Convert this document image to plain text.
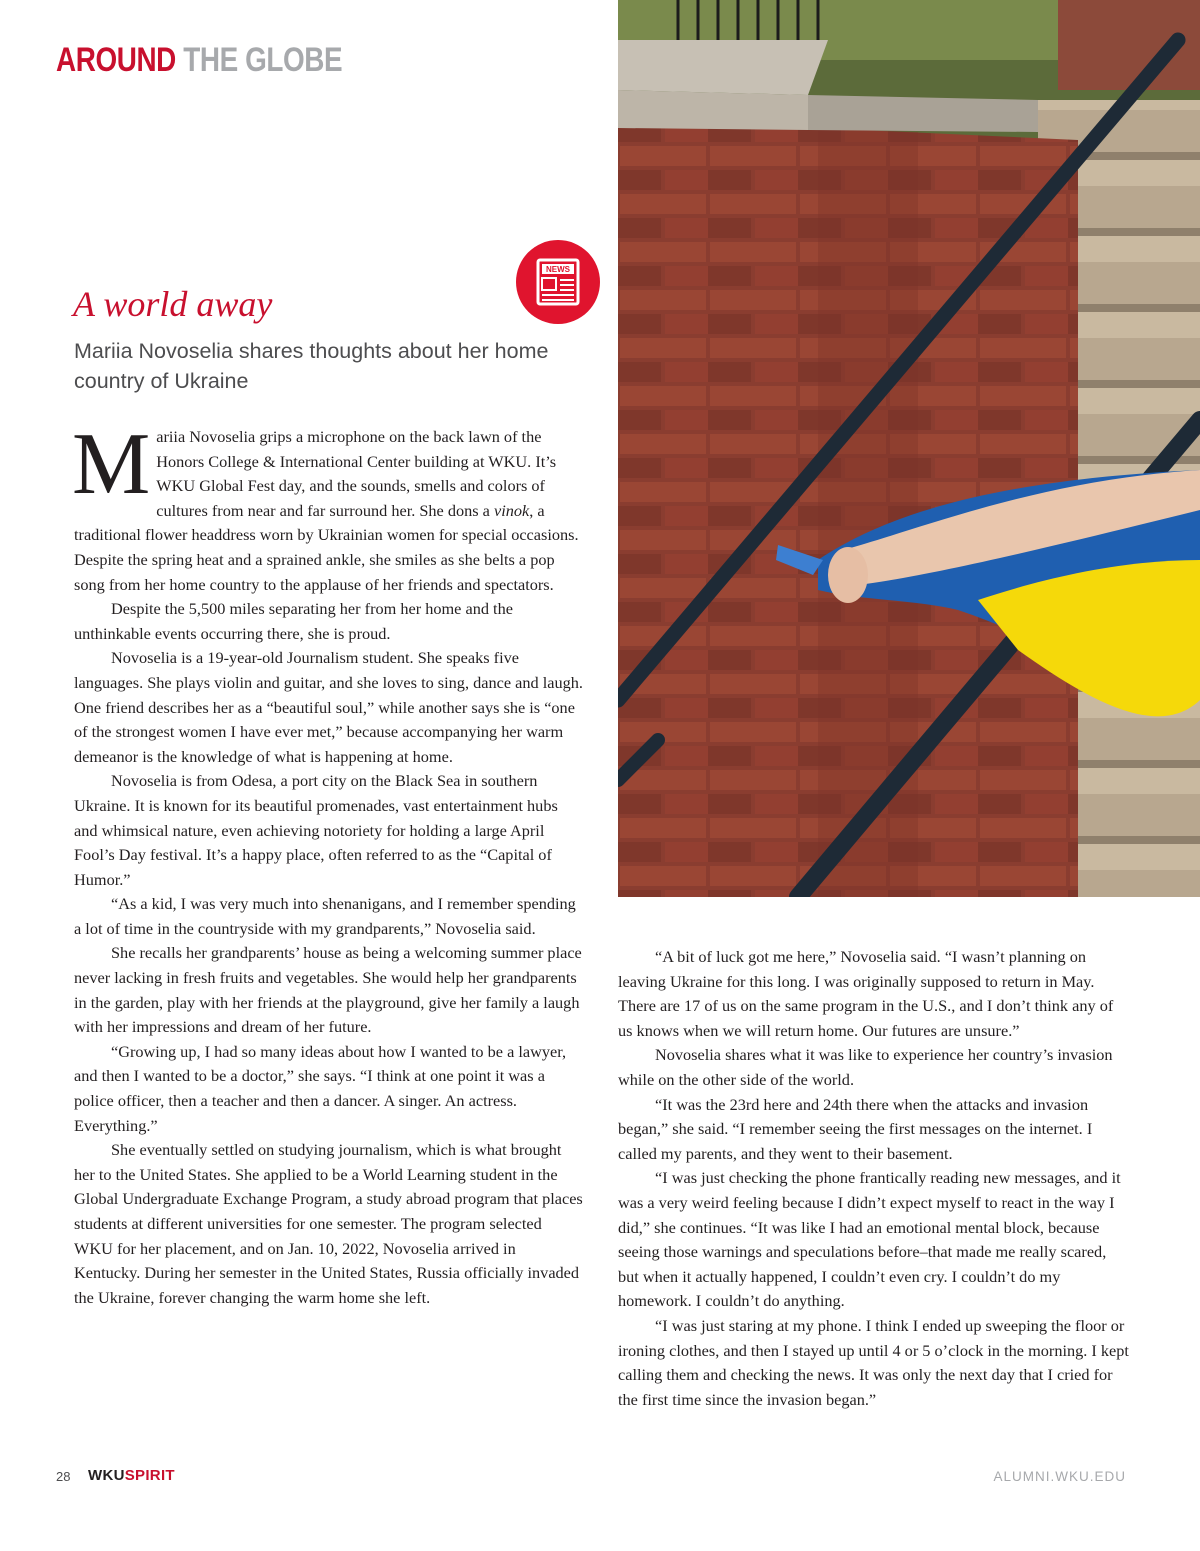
AROUND THE GLOBE
NEWS
A world away
Mariia Novoselia shares thoughts about her home country of Ukraine

Mariia Novoselia grips a microphone on the back lawn of the Honors College & International Center building at WKU. It’s WKU Global Fest day, and the sounds, smells and colors of cultures from near and far surround her. She dons a vinok, a traditional flower headdress worn by Ukrainian women for special occasions. Despite the spring heat and a sprained ankle, she smiles as she belts a pop song from her home country to the applause of her friends and spectators.

Despite the 5,500 miles separating her from her home and the unthinkable events occurring there, she is proud.

Novoselia is a 19-year-old Journalism student. She speaks five languages. She plays violin and guitar, and she loves to sing, dance and laugh. One friend describes her as a “beautiful soul,” while another says she is “one of the strongest women I have ever met,” because accompanying her warm demeanor is the knowledge of what is happening at home.

Novoselia is from Odesa, a port city on the Black Sea in southern Ukraine. It is known for its beautiful promenades, vast entertainment hubs and whimsical nature, even achieving notoriety for holding a large April Fool’s Day festival. It’s a happy place, often referred to as the “Capital of Humor.”

“As a kid, I was very much into shenanigans, and I remember spending a lot of time in the countryside with my grandparents,” Novoselia said.

She recalls her grandparents’ house as being a welcoming summer place never lacking in fresh fruits and vegetables. She would help her grandparents in the garden, play with her friends at the playground, give her family a laugh with her impressions and dream of her future.

“Growing up, I had so many ideas about how I wanted to be a lawyer, and then I wanted to be a doctor,” she says. “I think at one point it was a police officer, then a teacher and then a dancer. A singer. An actress. Everything.”

She eventually settled on studying journalism, which is what brought her to the United States. She applied to be a World Learning student in the Global Undergraduate Exchange Program, a study abroad program that places students at different universities for one semester. The program selected WKU for her placement, and on Jan. 10, 2022, Novoselia arrived in Kentucky. During her semester in the United States, Russia officially invaded the Ukraine, forever changing the warm home she left.

“A bit of luck got me here,” Novoselia said. “I wasn’t planning on leaving Ukraine for this long. I was originally supposed to return in May. There are 17 of us on the same program in the U.S., and I don’t think any of us knows when we will return home. Our futures are unsure.”

Novoselia shares what it was like to experience her country’s invasion while on the other side of the world.

“It was the 23rd here and 24th there when the attacks and invasion began,” she said. “I remember seeing the first messages on the internet. I called my parents, and they went to their basement.

“I was just checking the phone frantically reading new messages, and it was a very weird feeling because I didn’t expect myself to react in the way I did,” she continues. “It was like I had an emotional mental block, because seeing those warnings and speculations before–that made me really scared, but when it actually happened, I couldn’t even cry. I couldn’t do my homework. I couldn’t do anything.

“I was just staring at my phone. I think I ended up sweeping the floor or ironing clothes, and then I stayed up until 4 or 5 o’clock in the morning. I kept calling them and checking the news. It was only the next day that I cried for the first time since the invasion began.”

28 WKUSPIRIT	ALUMNI.WKU.EDU
